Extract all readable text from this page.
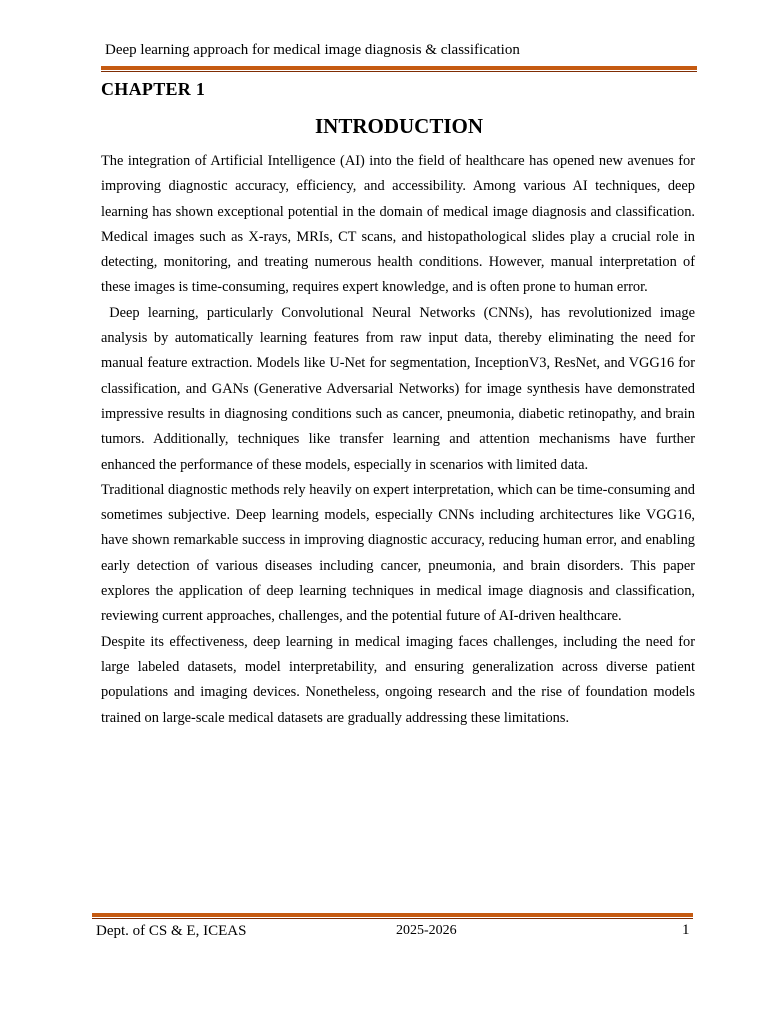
Deep learning approach for medical image diagnosis & classification
CHAPTER 1
INTRODUCTION

The integration of Artificial Intelligence (AI) into the field of healthcare has opened new avenues for improving diagnostic accuracy, efficiency, and accessibility. Among various AI techniques, deep learning has shown exceptional potential in the domain of medical image diagnosis and classification. Medical images such as X-rays, MRIs, CT scans, and histopathological slides play a crucial role in detecting, monitoring, and treating numerous health conditions. However, manual interpretation of these images is time-consuming, requires expert knowledge, and is often prone to human error.

Deep learning, particularly Convolutional Neural Networks (CNNs), has revolutionized image analysis by automatically learning features from raw input data, thereby eliminating the need for manual feature extraction. Models like U-Net for segmentation, InceptionV3, ResNet, and VGG16 for classification, and GANs (Generative Adversarial Networks) for image synthesis have demonstrated impressive results in diagnosing conditions such as cancer, pneumonia, diabetic retinopathy, and brain tumors. Additionally, techniques like transfer learning and attention mechanisms have further enhanced the performance of these models, especially in scenarios with limited data.

Traditional diagnostic methods rely heavily on expert interpretation, which can be time-consuming and sometimes subjective. Deep learning models, especially CNNs including architectures like VGG16, have shown remarkable success in improving diagnostic accuracy, reducing human error, and enabling early detection of various diseases including cancer, pneumonia, and brain disorders. This paper explores the application of deep learning techniques in medical image diagnosis and classification, reviewing current approaches, challenges, and the potential future of AI-driven healthcare.

Despite its effectiveness, deep learning in medical imaging faces challenges, including the need for large labeled datasets, model interpretability, and ensuring generalization across diverse patient populations and imaging devices. Nonetheless, ongoing research and the rise of foundation models trained on large-scale medical datasets are gradually addressing these limitations.

Dept. of CS & E, ICEAS	2025-2026	1
